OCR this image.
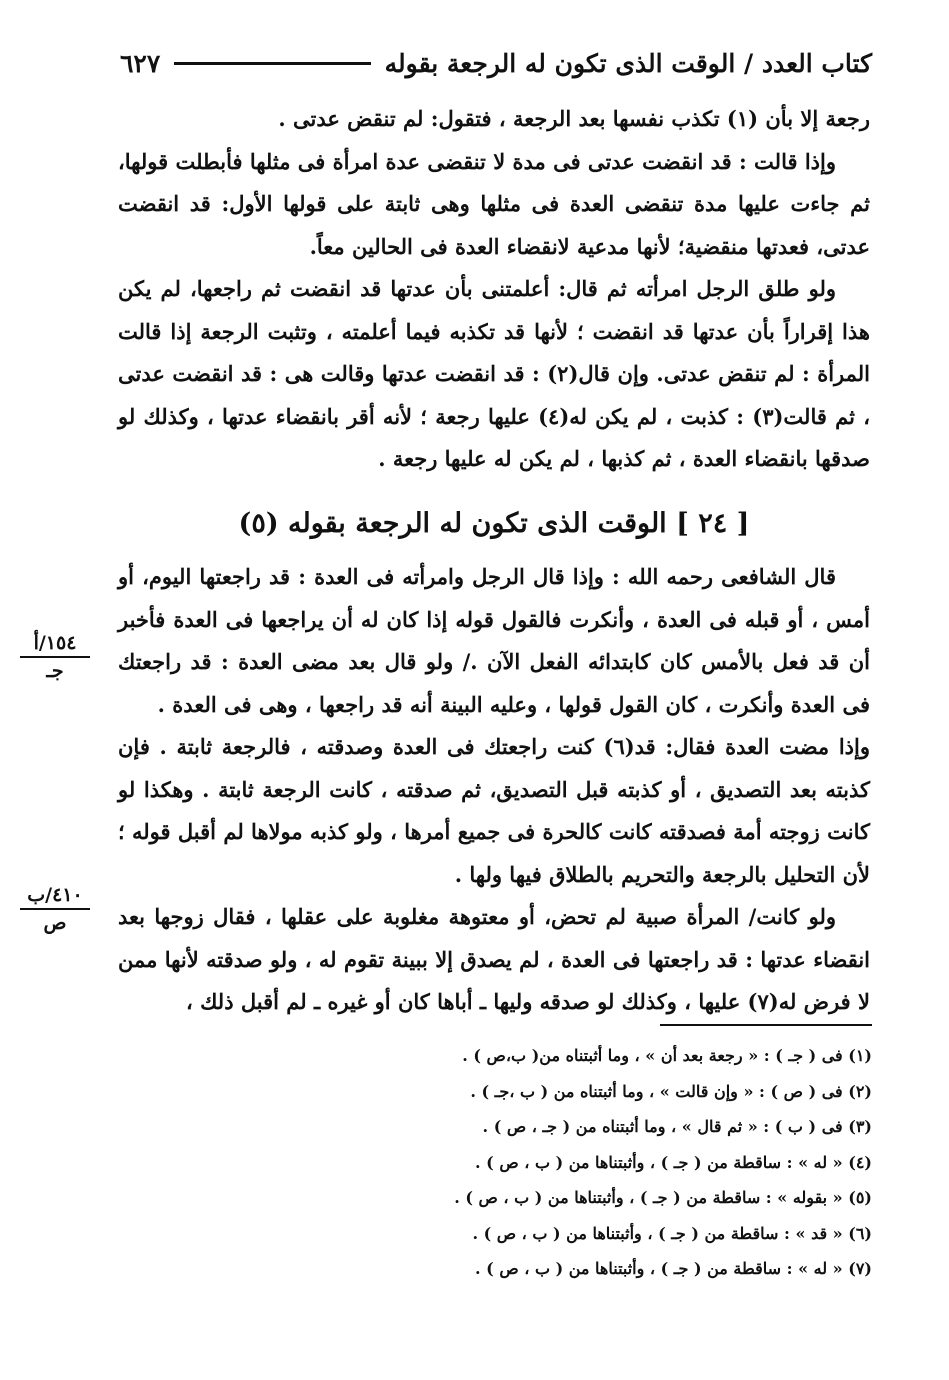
كتاب العدد / الوقت الذى تكون له الرجعة بقوله
٦٢٧

رجعة إلا بأن (١) تكذب نفسها بعد الرجعة ، فتقول: لم تنقض عدتى .

وإذا قالت : قد انقضت عدتى فى مدة لا تنقضى عدة امرأة فى مثلها فأبطلت قولها، ثم جاءت عليها مدة تنقضى العدة فى مثلها وهى ثابتة على قولها الأول: قد انقضت عدتى، فعدتها منقضية؛ لأنها مدعية لانقضاء العدة فى الحالين معاً.

ولو طلق الرجل امرأته ثم قال: أعلمتنى بأن عدتها قد انقضت ثم راجعها، لم يكن هذا إقراراً بأن عدتها قد انقضت ؛ لأنها قد تكذبه فيما أعلمته ، وتثبت الرجعة إذا قالت المرأة : لم تنقض عدتى. وإن قال(٢) : قد انقضت عدتها وقالت هى : قد انقضت عدتى ، ثم قالت(٣) : كذبت ، لم يكن له(٤) عليها رجعة ؛ لأنه أقر بانقضاء عدتها ، وكذلك لو صدقها بانقضاء العدة ، ثم كذبها ، لم يكن له عليها رجعة .

[ ٢٤ ] الوقت الذى تكون له الرجعة بقوله (٥)

قال الشافعى رحمه الله : وإذا قال الرجل وامرأته فى العدة : قد راجعتها اليوم، أو أمس ، أو قبله فى العدة ، وأنكرت فالقول قوله إذا كان له أن يراجعها فى العدة فأخبر أن قد فعل بالأمس كان كابتدائه الفعل الآن ./ ولو قال بعد مضى العدة : قد راجعتك فى العدة وأنكرت ، كان القول قولها ، وعليه البينة أنه قد راجعها ، وهى فى العدة .

وإذا مضت العدة فقال: قد(٦) كنت راجعتك فى العدة وصدقته ، فالرجعة ثابتة . فإن كذبته بعد التصديق ، أو كذبته قبل التصديق، ثم صدقته ، كانت الرجعة ثابتة . وهكذا لو كانت زوجته أمة فصدقته كانت كالحرة فى جميع أمرها ، ولو كذبه مولاها لم أقبل قوله ؛ لأن التحليل بالرجعة والتحريم بالطلاق فيها ولها .

ولو كانت/ المرأة صبية لم تحض، أو معتوهة مغلوبة على عقلها ، فقال زوجها بعد انقضاء عدتها : قد راجعتها فى العدة ، لم يصدق إلا ببينة تقوم له ، ولو صدقته لأنها ممن لا فرض له(٧) عليها ، وكذلك لو صدقه وليها ـ أباها كان أو غيره ـ لم أقبل ذلك ،

١٥٤/أ
جـ
٤١٠/ب
ص
(١) فى ( جـ ) : « رجعة بعد أن » ، وما أثبتناه من( ب،ص ) .
(٢) فى ( ص ) : « وإن قالت » ، وما أثبتناه من ( ب ،جـ ) .
(٣) فى ( ب ) : « ثم قال » ، وما أثبتناه من ( جـ ، ص ) .
(٤) « له » : ساقطة من ( جـ ) ، وأثبتناها من ( ب ، ص ) .
(٥) « بقوله » : ساقطة من ( جـ ) ، وأثبتناها من ( ب ، ص ) .
(٦) « قد » : ساقطة من ( جـ ) ، وأثبتناها من ( ب ، ص ) .
(٧) « له » : ساقطة من ( جـ ) ، وأثبتناها من ( ب ، ص ) .
